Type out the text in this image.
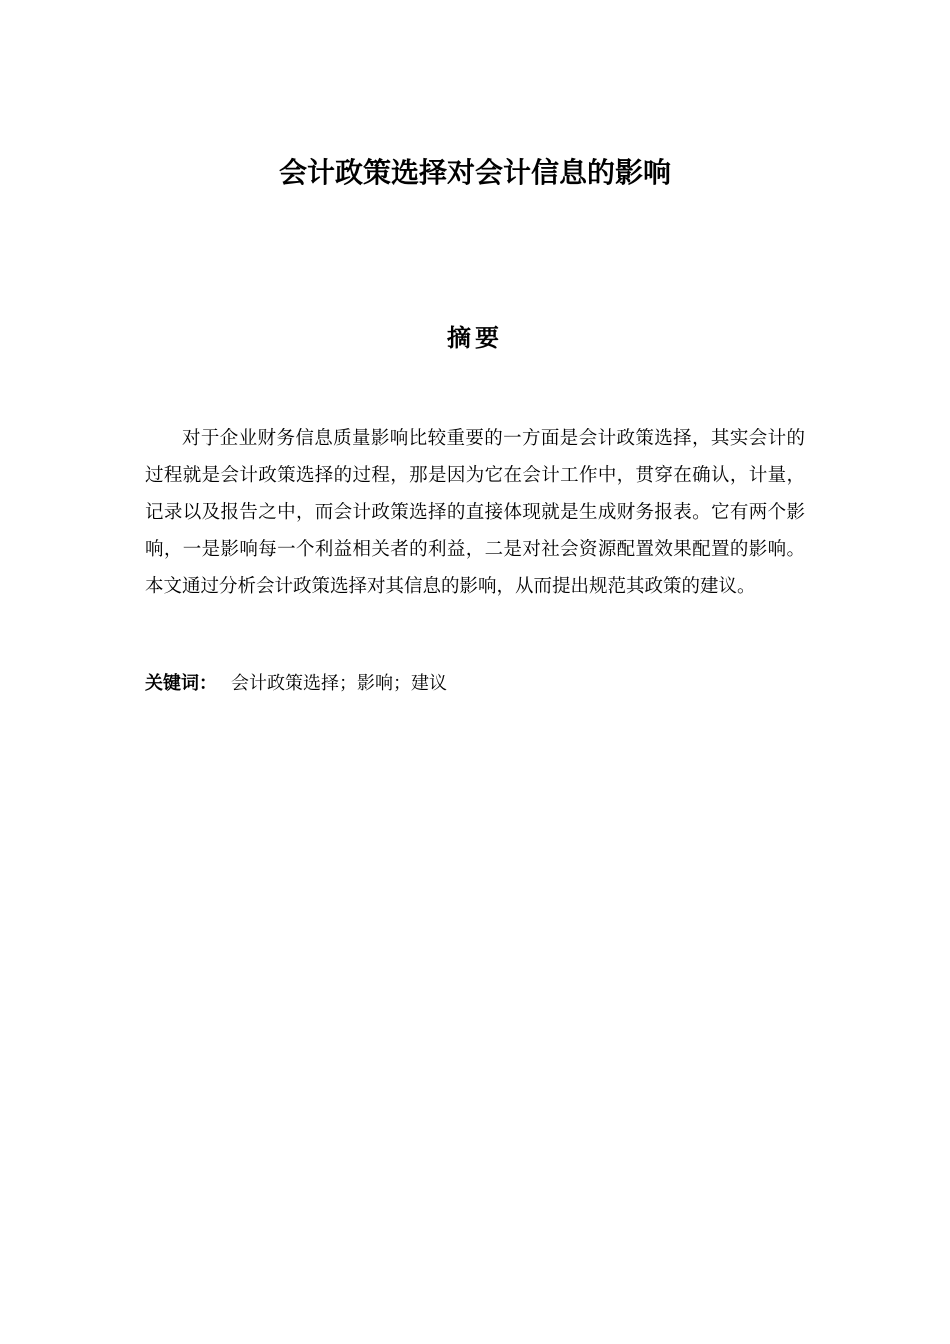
会计政策选择对会计信息的影响
摘要

对于企业财务信息质量影响比较重要的一方面是会计政策选择，其实会计的过程就是会计政策选择的过程，那是因为它在会计工作中，贯穿在确认，计量，记录以及报告之中，而会计政策选择的直接体现就是生成财务报表。它有两个影响，一是影响每一个利益相关者的利益，二是对社会资源配置效果配置的影响。本文通过分析会计政策选择对其信息的影响，从而提出规范其政策的建议。

关键词： 会计政策选择；影响；建议
